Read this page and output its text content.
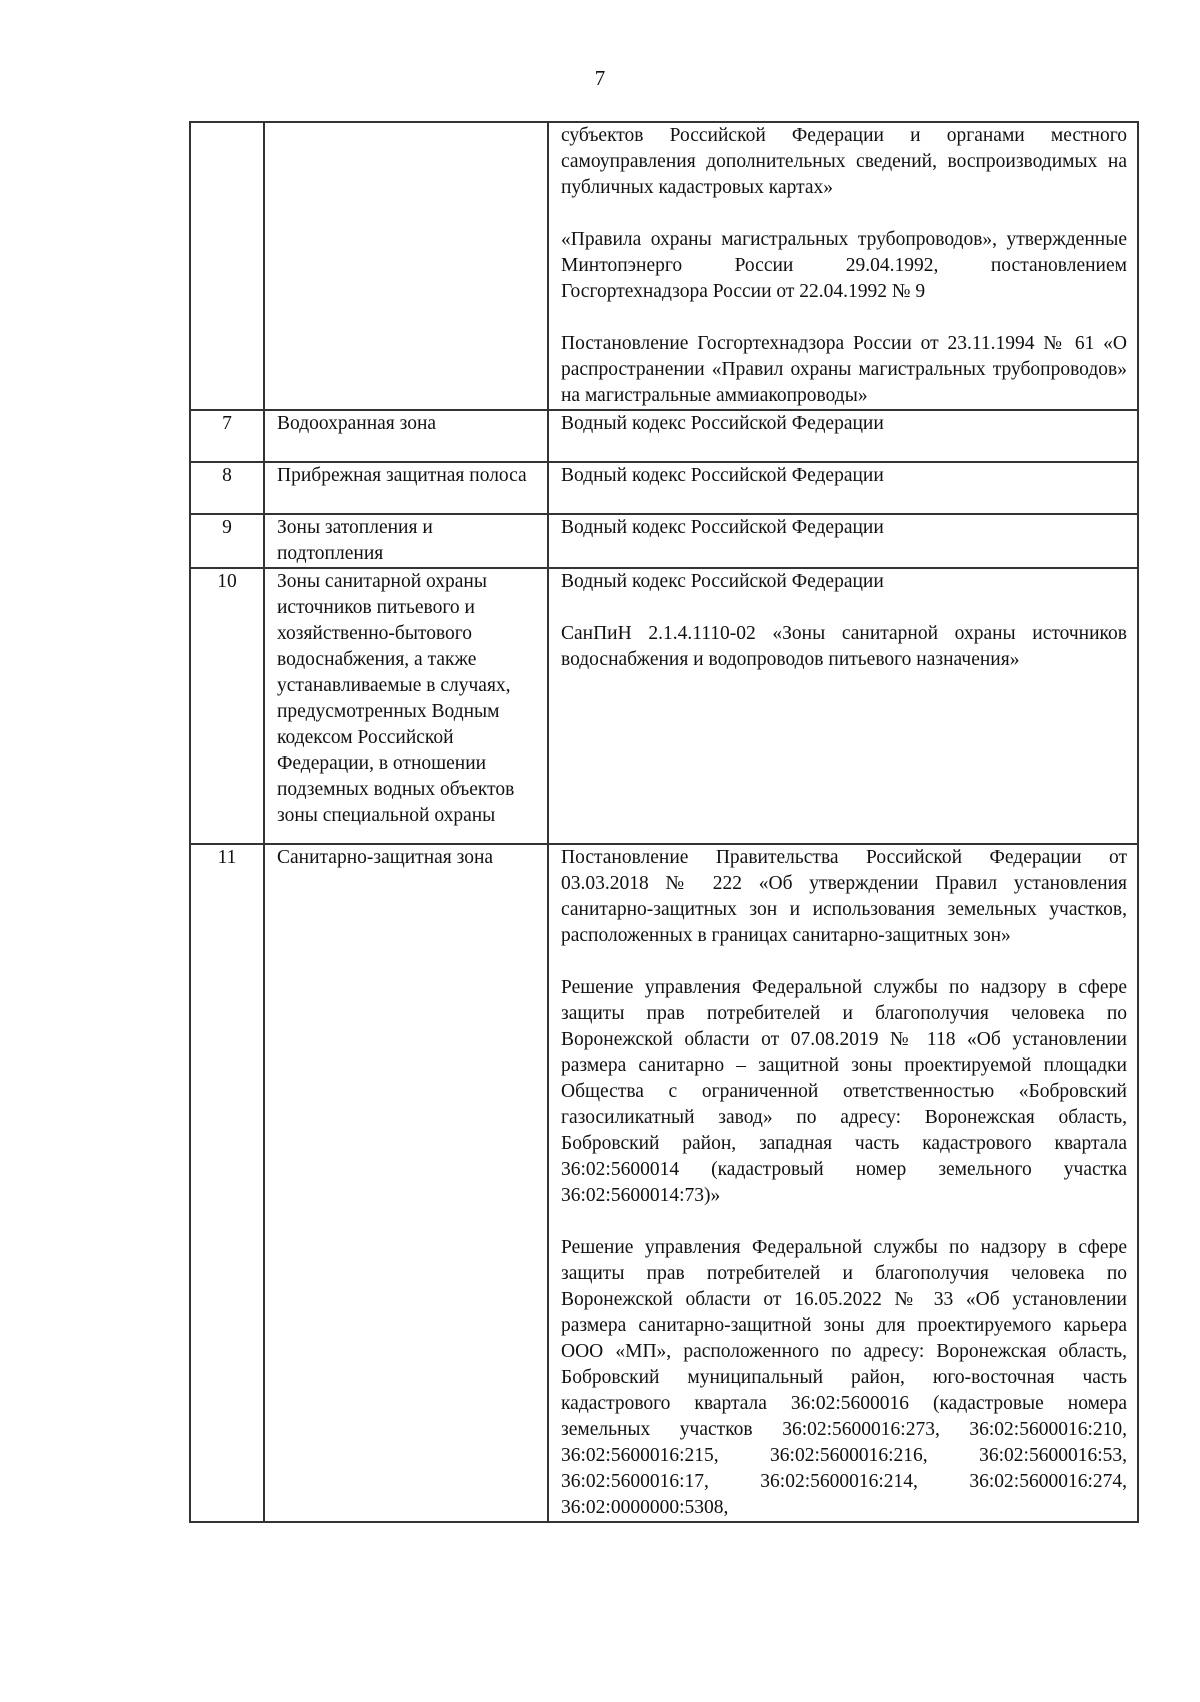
7

		субъектов Российской Федерации и органами местного самоуправления дополнительных сведений, воспроизводимых на публичных кадастровых картах»

«Правила охраны магистральных трубопроводов», утвержденные Минтопэнерго России 29.04.1992, постановлением Госгортехнадзора России от 22.04.1992 № 9

Постановление Госгортехнадзора России от 23.11.1994 № 61 «О распространении «Правил охраны магистральных трубопроводов» на магистральные аммиакопроводы»

7	Водоохранная зона	Водный кодекс Российской Федерации

8	Прибрежная защитная полоса	Водный кодекс Российской Федерации

9	Зоны затопления и подтопления	Водный кодекс Российской Федерации

10	Зоны санитарной охраны источников питьевого и хозяйственно-бытового водоснабжения, а также устанавливаемые в случаях, предусмотренных Водным кодексом Российской Федерации, в отношении подземных водных объектов зоны специальной охраны	Водный кодекс Российской Федерации

СанПиН 2.1.4.1110-02 «Зоны санитарной охраны источников водоснабжения и водопроводов питьевого назначения»

11	Санитарно-защитная зона	Постановление Правительства Российской Федерации от 03.03.2018 № 222 «Об утверждении Правил установления санитарно-защитных зон и использования земельных участков, расположенных в границах санитарно-защитных зон»

Решение управления Федеральной службы по надзору в сфере защиты прав потребителей и благополучия человека по Воронежской области от 07.08.2019 № 118 «Об установлении размера санитарно – защитной зоны проектируемой площадки Общества с ограниченной ответственностью «Бобровский газосиликатный завод» по адресу: Воронежская область, Бобровский район, западная часть кадастрового квартала 36:02:5600014 (кадастровый номер земельного участка 36:02:5600014:73)»

Решение управления Федеральной службы по надзору в сфере защиты прав потребителей и благополучия человека по Воронежской области от 16.05.2022 № 33 «Об установлении размера санитарно-защитной зоны для проектируемого карьера ООО «МП», расположенного по адресу: Воронежская область, Бобровский муниципальный район, юго-восточная часть кадастрового квартала 36:02:5600016 (кадастровые номера земельных участков 36:02:5600016:273, 36:02:5600016:210, 36:02:5600016:215, 36:02:5600016:216, 36:02:5600016:53, 36:02:5600016:17, 36:02:5600016:214, 36:02:5600016:274, 36:02:0000000:5308,
